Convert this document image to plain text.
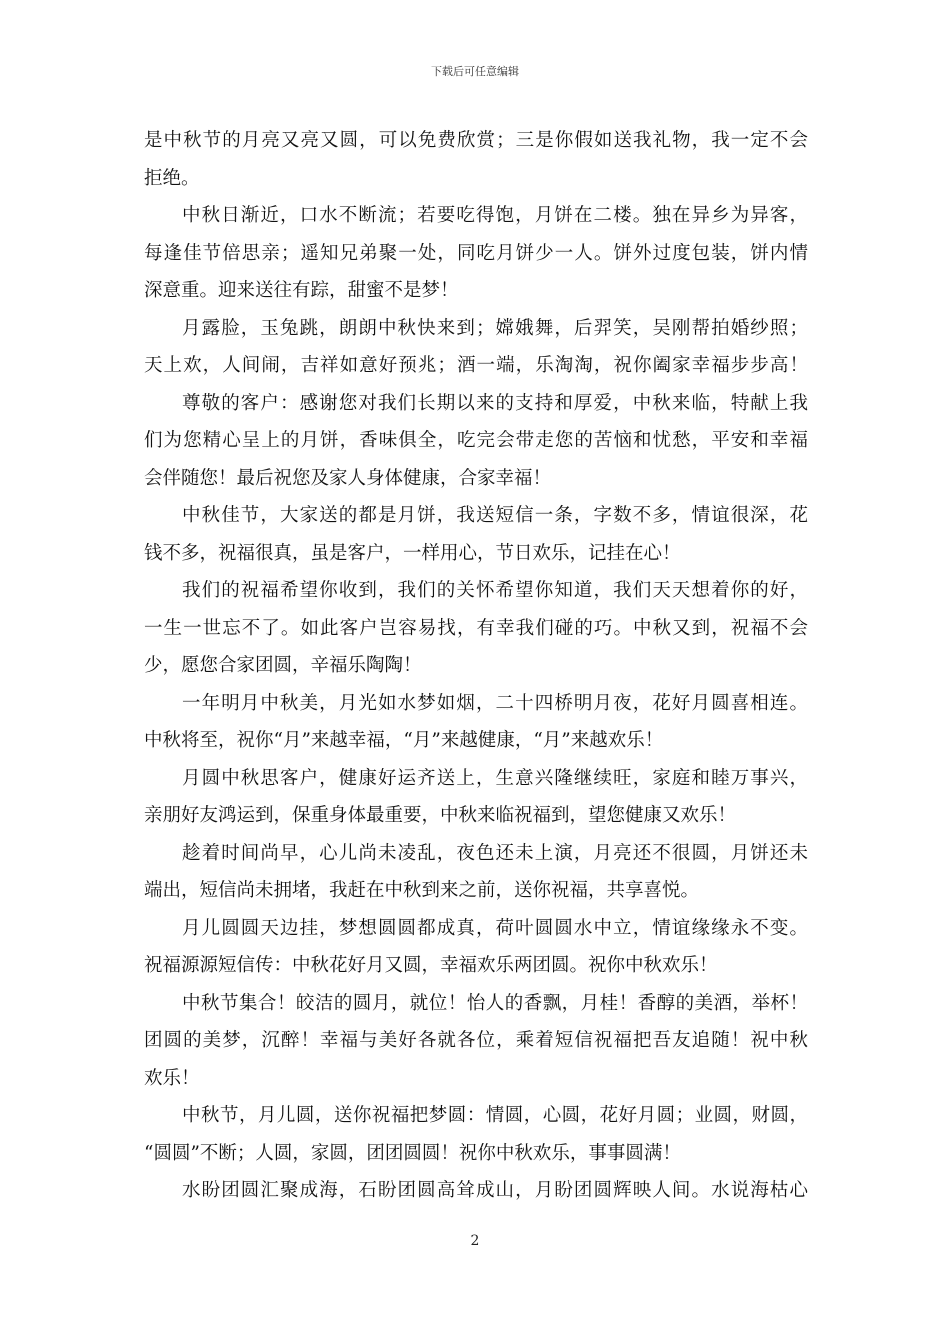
下载后可任意编辑
是中秋节的月亮又亮又圆，可以免费欣赏；三是你假如送我礼物，我一定不会
拒绝。
中秋日渐近，口水不断流；若要吃得饱，月饼在二楼。独在异乡为异客，
每逢佳节倍思亲；遥知兄弟聚一处，同吃月饼少一人。饼外过度包装，饼内情
深意重。迎来送往有踪，甜蜜不是梦！
月露脸，玉兔跳，朗朗中秋快来到；嫦娥舞，后羿笑，吴刚帮拍婚纱照；
天上欢，人间闹，吉祥如意好预兆；酒一端，乐淘淘，祝你阖家幸福步步高！
尊敬的客户：感谢您对我们长期以来的支持和厚爱，中秋来临，特献上我
们为您精心呈上的月饼，香味俱全，吃完会带走您的苦恼和忧愁，平安和幸福
会伴随您！最后祝您及家人身体健康，合家幸福！
中秋佳节，大家送的都是月饼，我送短信一条，字数不多，情谊很深，花
钱不多，祝福很真，虽是客户，一样用心，节日欢乐，记挂在心！
我们的祝福希望你收到，我们的关怀希望你知道，我们天天想着你的好，
一生一世忘不了。如此客户岂容易找，有幸我们碰的巧。中秋又到，祝福不会
少，愿您合家团圆，辛福乐陶陶！
一年明月中秋美，月光如水梦如烟，二十四桥明月夜，花好月圆喜相连。
中秋将至，祝你“月”来越幸福，“月”来越健康，“月”来越欢乐！
月圆中秋思客户，健康好运齐送上，生意兴隆继续旺，家庭和睦万事兴，
亲朋好友鸿运到，保重身体最重要，中秋来临祝福到，望您健康又欢乐！
趁着时间尚早，心儿尚未凌乱，夜色还未上演，月亮还不很圆，月饼还未
端出，短信尚未拥堵，我赶在中秋到来之前，送你祝福，共享喜悦。
月儿圆圆天边挂，梦想圆圆都成真，荷叶圆圆水中立，情谊缘缘永不变。
祝福源源短信传：中秋花好月又圆，幸福欢乐两团圆。祝你中秋欢乐！
中秋节集合！皎洁的圆月，就位！怡人的香飘，月桂！香醇的美酒，举杯！
团圆的美梦，沉醉！幸福与美好各就各位，乘着短信祝福把吾友追随！祝中秋
欢乐！
中秋节，月儿圆，送你祝福把梦圆：情圆，心圆，花好月圆；业圆，财圆，
“圆圆”不断；人圆，家圆，团团圆圆！祝你中秋欢乐，事事圆满！
水盼团圆汇聚成海，石盼团圆高耸成山，月盼团圆辉映人间。水说海枯心
2
